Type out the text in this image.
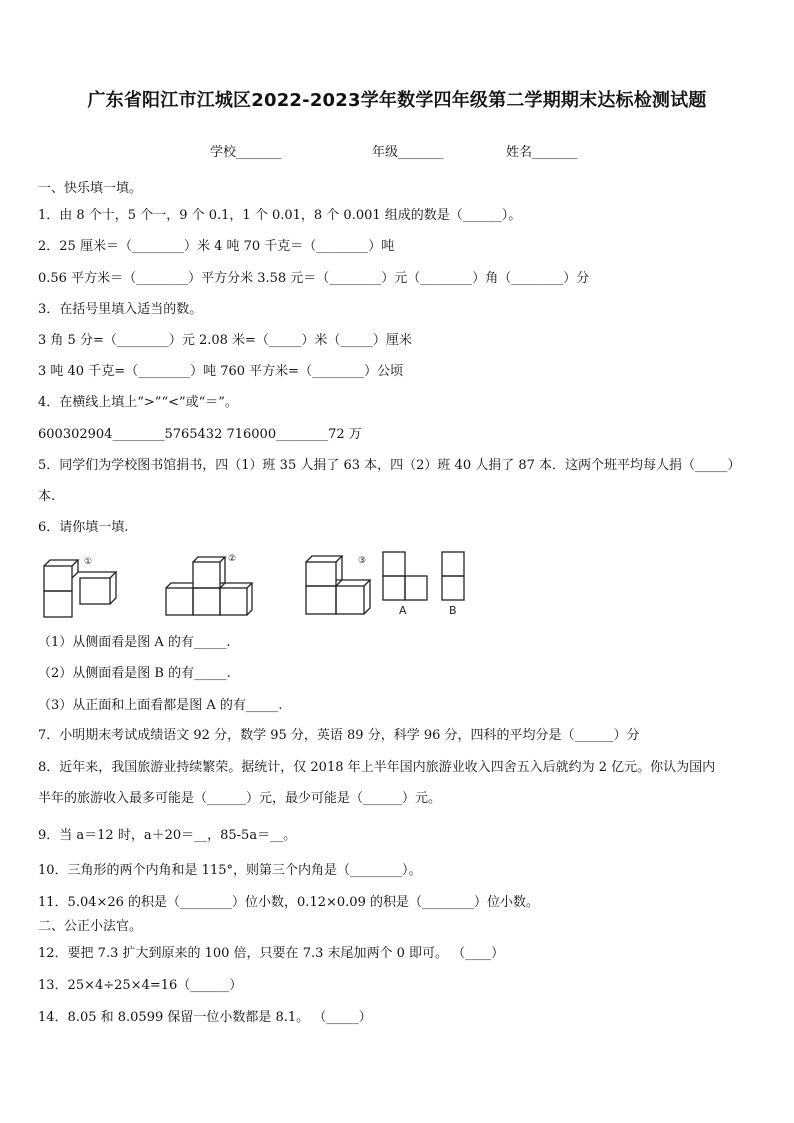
广东省阳江市江城区2022-2023学年数学四年级第二学期期末达标检测试题
学校_______	年级_______	姓名_______
一、快乐填一填。
1．由 8 个十，5 个一，9 个 0.1，1 个 0.01，8 个 0.001 组成的数是（______）。
2．25 厘米＝（________）米 4 吨 70 千克＝（________）吨
0.56 平方米＝（________）平方分米 3.58 元＝（________）元（________）角（________）分
3．在括号里填入适当的数。
3 角 5 分=（________）元 2.08 米=（_____）米（_____）厘米
3 吨 40 千克=（________）吨 760 平方米=（________）公顷
4．在横线上填上“>”“<”或“＝”。
600302904________5765432 716000________72 万
5．同学们为学校图书馆捐书，四（1）班 35 人捐了 63 本，四（2）班 40 人捐了 87 本．这两个班平均每人捐（_____）
本.
6．请你填一填.
①	②	③
A	B
（1）从侧面看是图 A 的有_____.
（2）从侧面看是图 B 的有_____.
（3）从正面和上面看都是图 A 的有_____.
7．小明期末考试成绩语文 92 分，数学 95 分，英语 89 分，科学 96 分，四科的平均分是（______）分
8．近年来，我国旅游业持续繁荣。据统计，仅 2018 年上半年国内旅游业收入四舍五入后就约为 2 亿元。你认为国内
半年的旅游收入最多可能是（______）元，最少可能是（______）元。
9．当 a＝12 时，a＋20＝__，85-5a＝__。
10．三角形的两个内角和是 115°，则第三个内角是（________）。
11．5.04×26 的积是（________）位小数，0.12×0.09 的积是（________）位小数。
二、公正小法官。
12．要把 7.3 扩大到原来的 100 倍，只要在 7.3 末尾加两个 0 即可。 （____）
13．25×4÷25×4=16（______）
14．8.05 和 8.0599 保留一位小数都是 8.1。 （_____）
